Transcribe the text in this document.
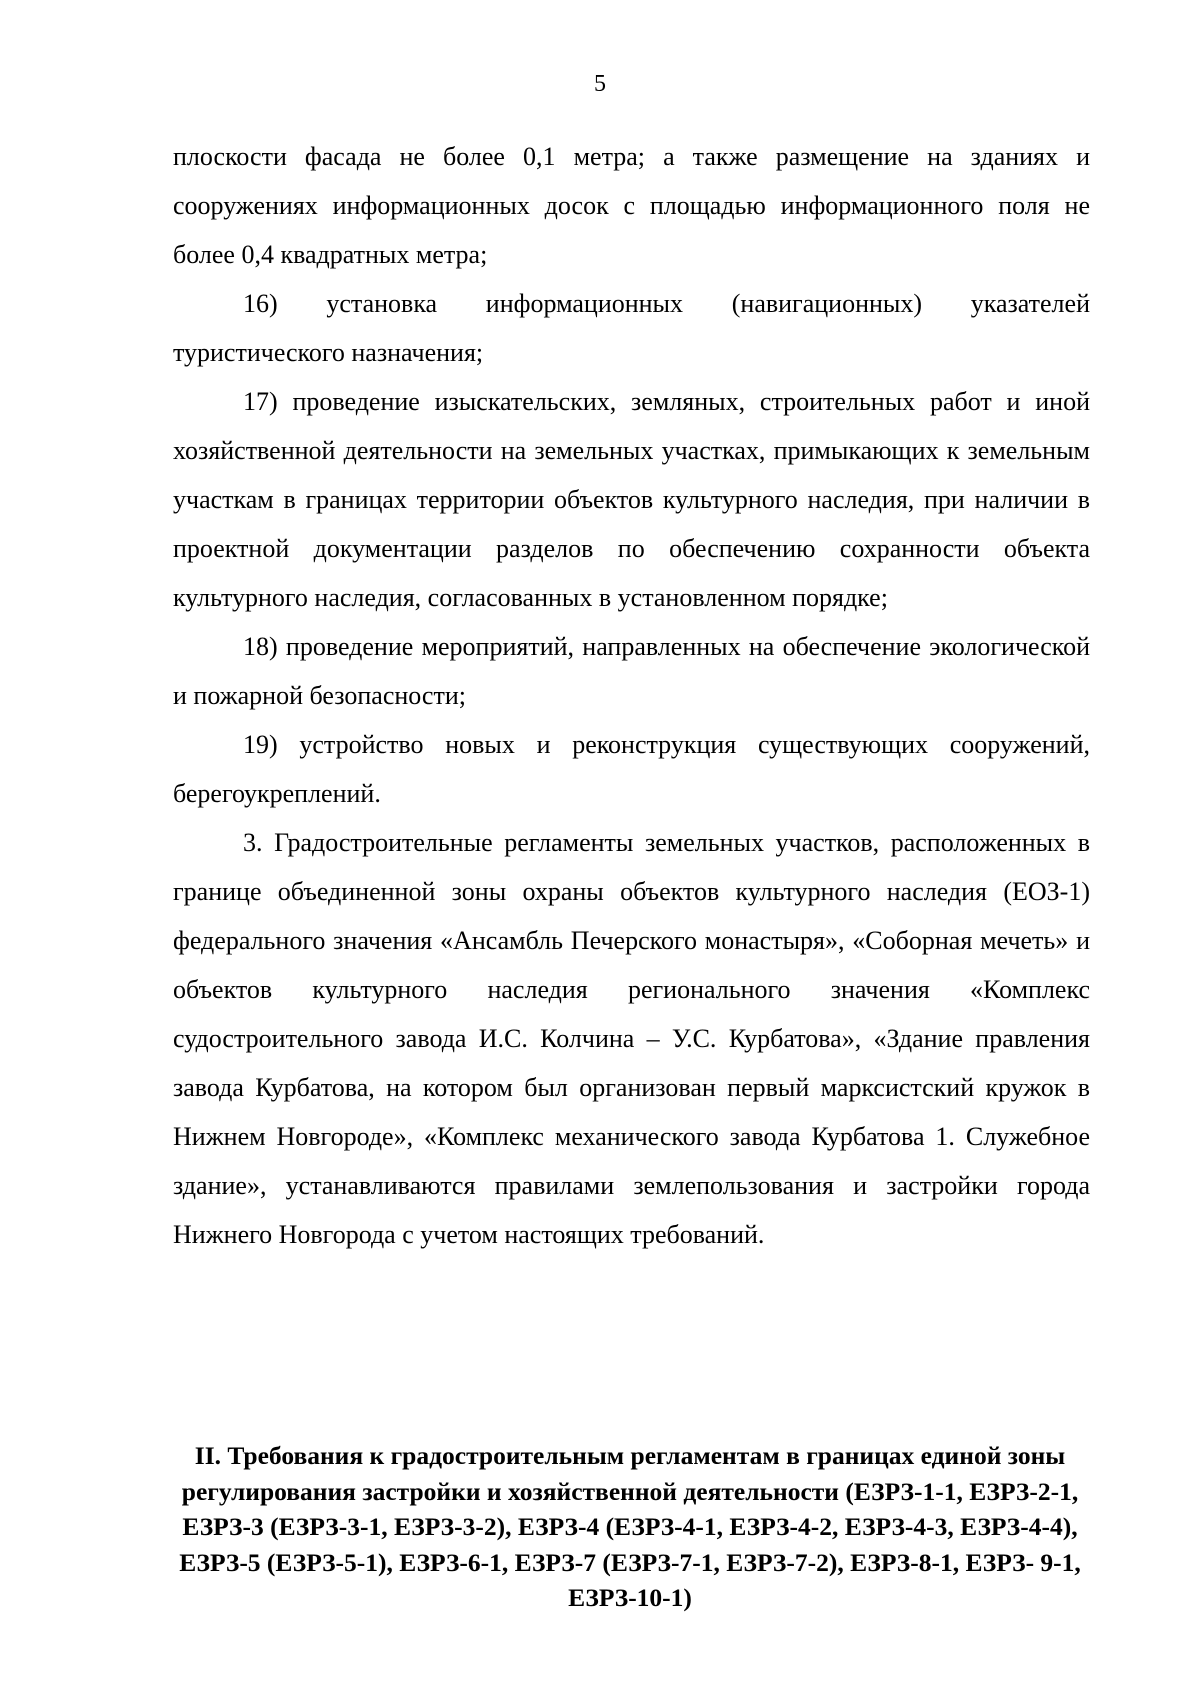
5

плоскости фасада не более 0,1 метра; а также размещение на зданиях и сооружениях информационных досок с площадью информационного поля не более 0,4 квадратных метра;

16) установка информационных (навигационных) указателей туристического назначения;

17) проведение изыскательских, земляных, строительных работ и иной хозяйственной деятельности на земельных участках, примыкающих к земельным участкам в границах территории объектов культурного наследия, при наличии в проектной документации разделов по обеспечению сохранности объекта культурного наследия, согласованных в установленном порядке;

18) проведение мероприятий, направленных на обеспечение экологической и пожарной безопасности;

19) устройство новых и реконструкция существующих сооружений, берегоукреплений.

3. Градостроительные регламенты земельных участков, расположенных в границе объединенной зоны охраны объектов культурного наследия (ЕОЗ-1) федерального значения «Ансамбль Печерского монастыря», «Соборная мечеть» и объектов культурного наследия регионального значения «Комплекс судостроительного завода И.С. Колчина – У.С. Курбатова», «Здание правления завода Курбатова, на котором был организован первый марксистский кружок в Нижнем Новгороде», «Комплекс механического завода Курбатова 1. Служебное здание», устанавливаются правилами землепользования и застройки города Нижнего Новгорода с учетом настоящих требований.

II. Требования к градостроительным регламентам в границах единой зоны регулирования застройки и хозяйственной деятельности (ЕЗРЗ-1-1, ЕЗРЗ-2-1, ЕЗРЗ-3 (ЕЗРЗ-3-1, ЕЗРЗ-3-2), ЕЗРЗ-4 (ЕЗРЗ-4-1, ЕЗРЗ-4-2, ЕЗРЗ-4-3, ЕЗРЗ-4-4), ЕЗРЗ-5 (ЕЗРЗ-5-1), ЕЗРЗ-6-1, ЕЗРЗ-7 (ЕЗРЗ-7-1, ЕЗРЗ-7-2), ЕЗРЗ-8-1, ЕЗРЗ- 9-1, ЕЗРЗ-10-1)
